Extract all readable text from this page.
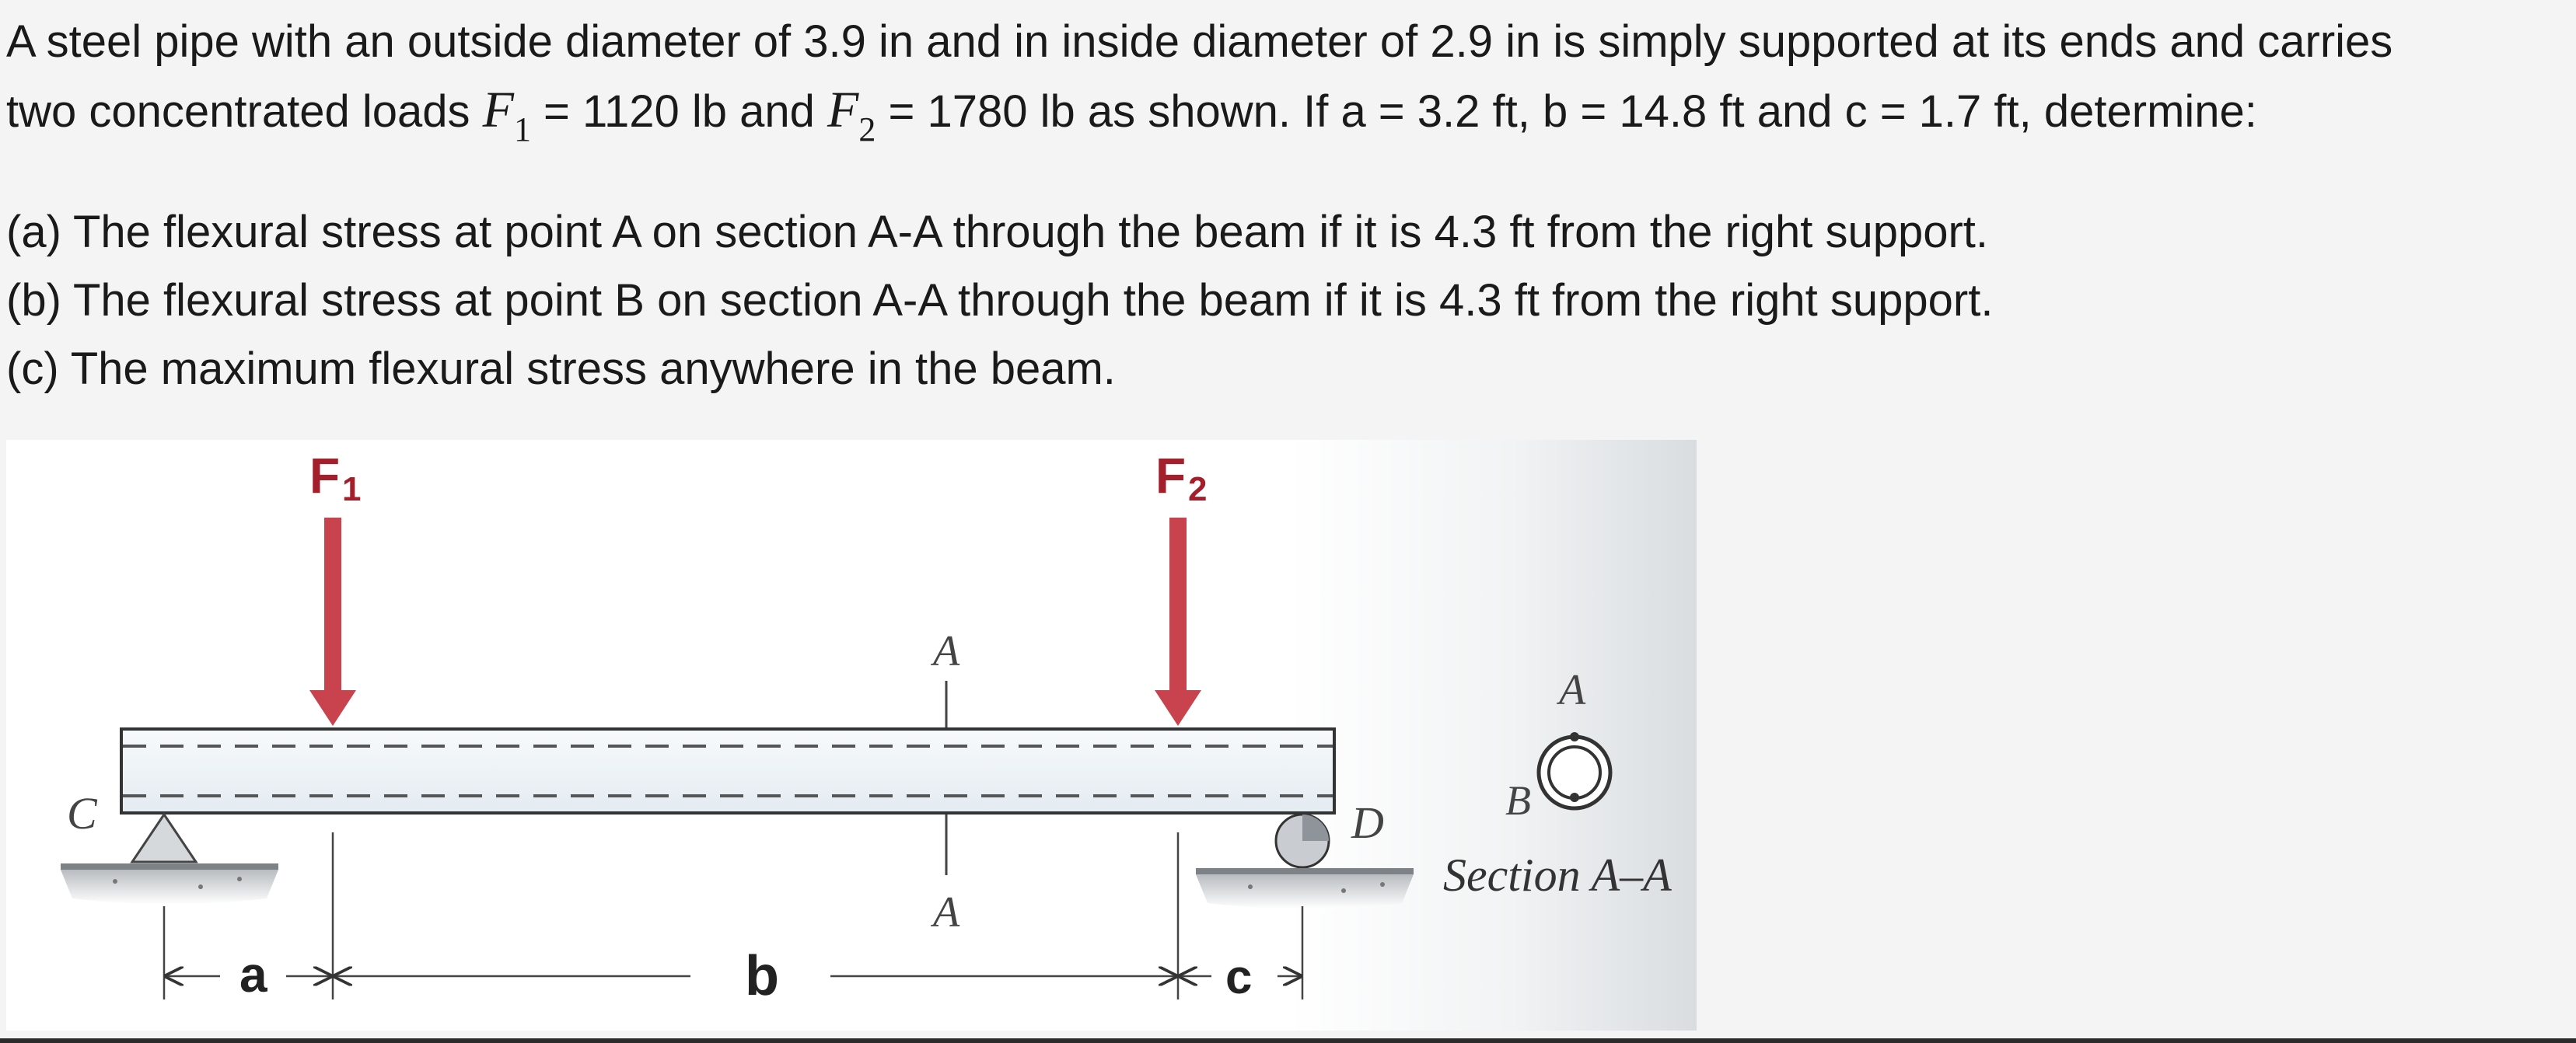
A steel pipe with an outside diameter of 3.9 in and in inside diameter of 2.9 in is simply supported at its ends and carries

two concentrated loads $F_1 = 1120$ lb and $F_2 = 1780$ lb as shown. If a = 3.2 ft, b = 14.8 ft and c = 1.7 ft, determine:

(a) The flexural stress at point A on section A-A through the beam if it is 4.3 ft from the right support.

(b) The flexural stress at point B on section A-A through the beam if it is 4.3 ft from the right support.

(c) The maximum flexural stress anywhere in the beam.

F 1	F 2
A
A
C	D
a	b	c
A
B
Section A–A
